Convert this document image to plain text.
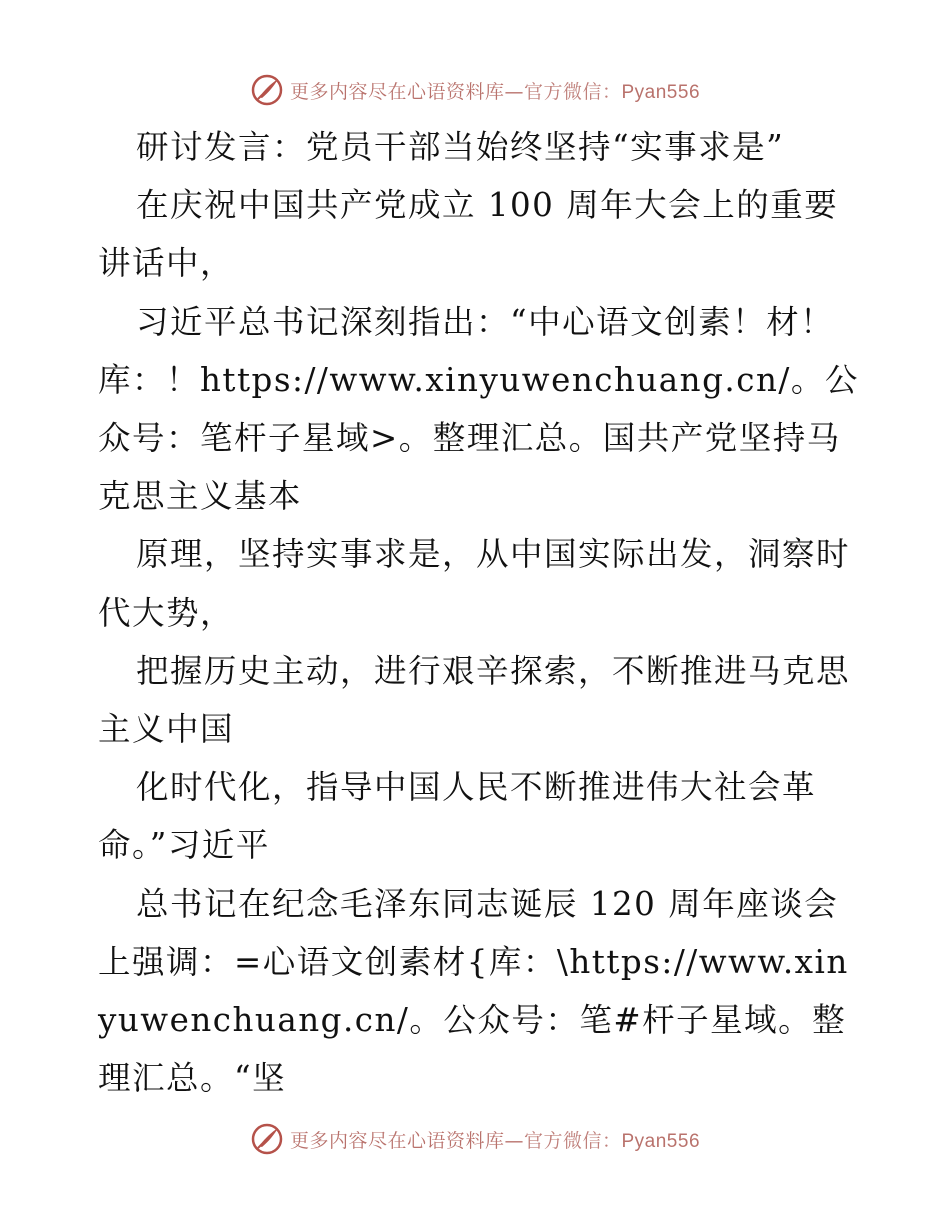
更多内容尽在心语资料库—官方微信：Pyan556

研讨发言：党员干部当始终坚持“实事求是”

在庆祝中国共产党成立 100 周年大会上的重要讲话中，

习近平总书记深刻指出：“中心语文创素！材！库：！https://www.xinyuwenchuang.cn/。公众号：笔杆子星域>。整理汇总。国共产党坚持马克思主义基本

原理，坚持实事求是，从中国实际出发，洞察时代大势，

把握历史主动，进行艰辛探索，不断推进马克思主义中国

化时代化，指导中国人民不断推进伟大社会革命。”习近平

总书记在纪念毛泽东同志诞辰 120 周年座谈会上强调：=心语文创素材{库：\https://www.xinyuwenchuang.cn/。公众号：笔#杆子星域。整理汇总。“坚

更多内容尽在心语资料库—官方微信：Pyan556
